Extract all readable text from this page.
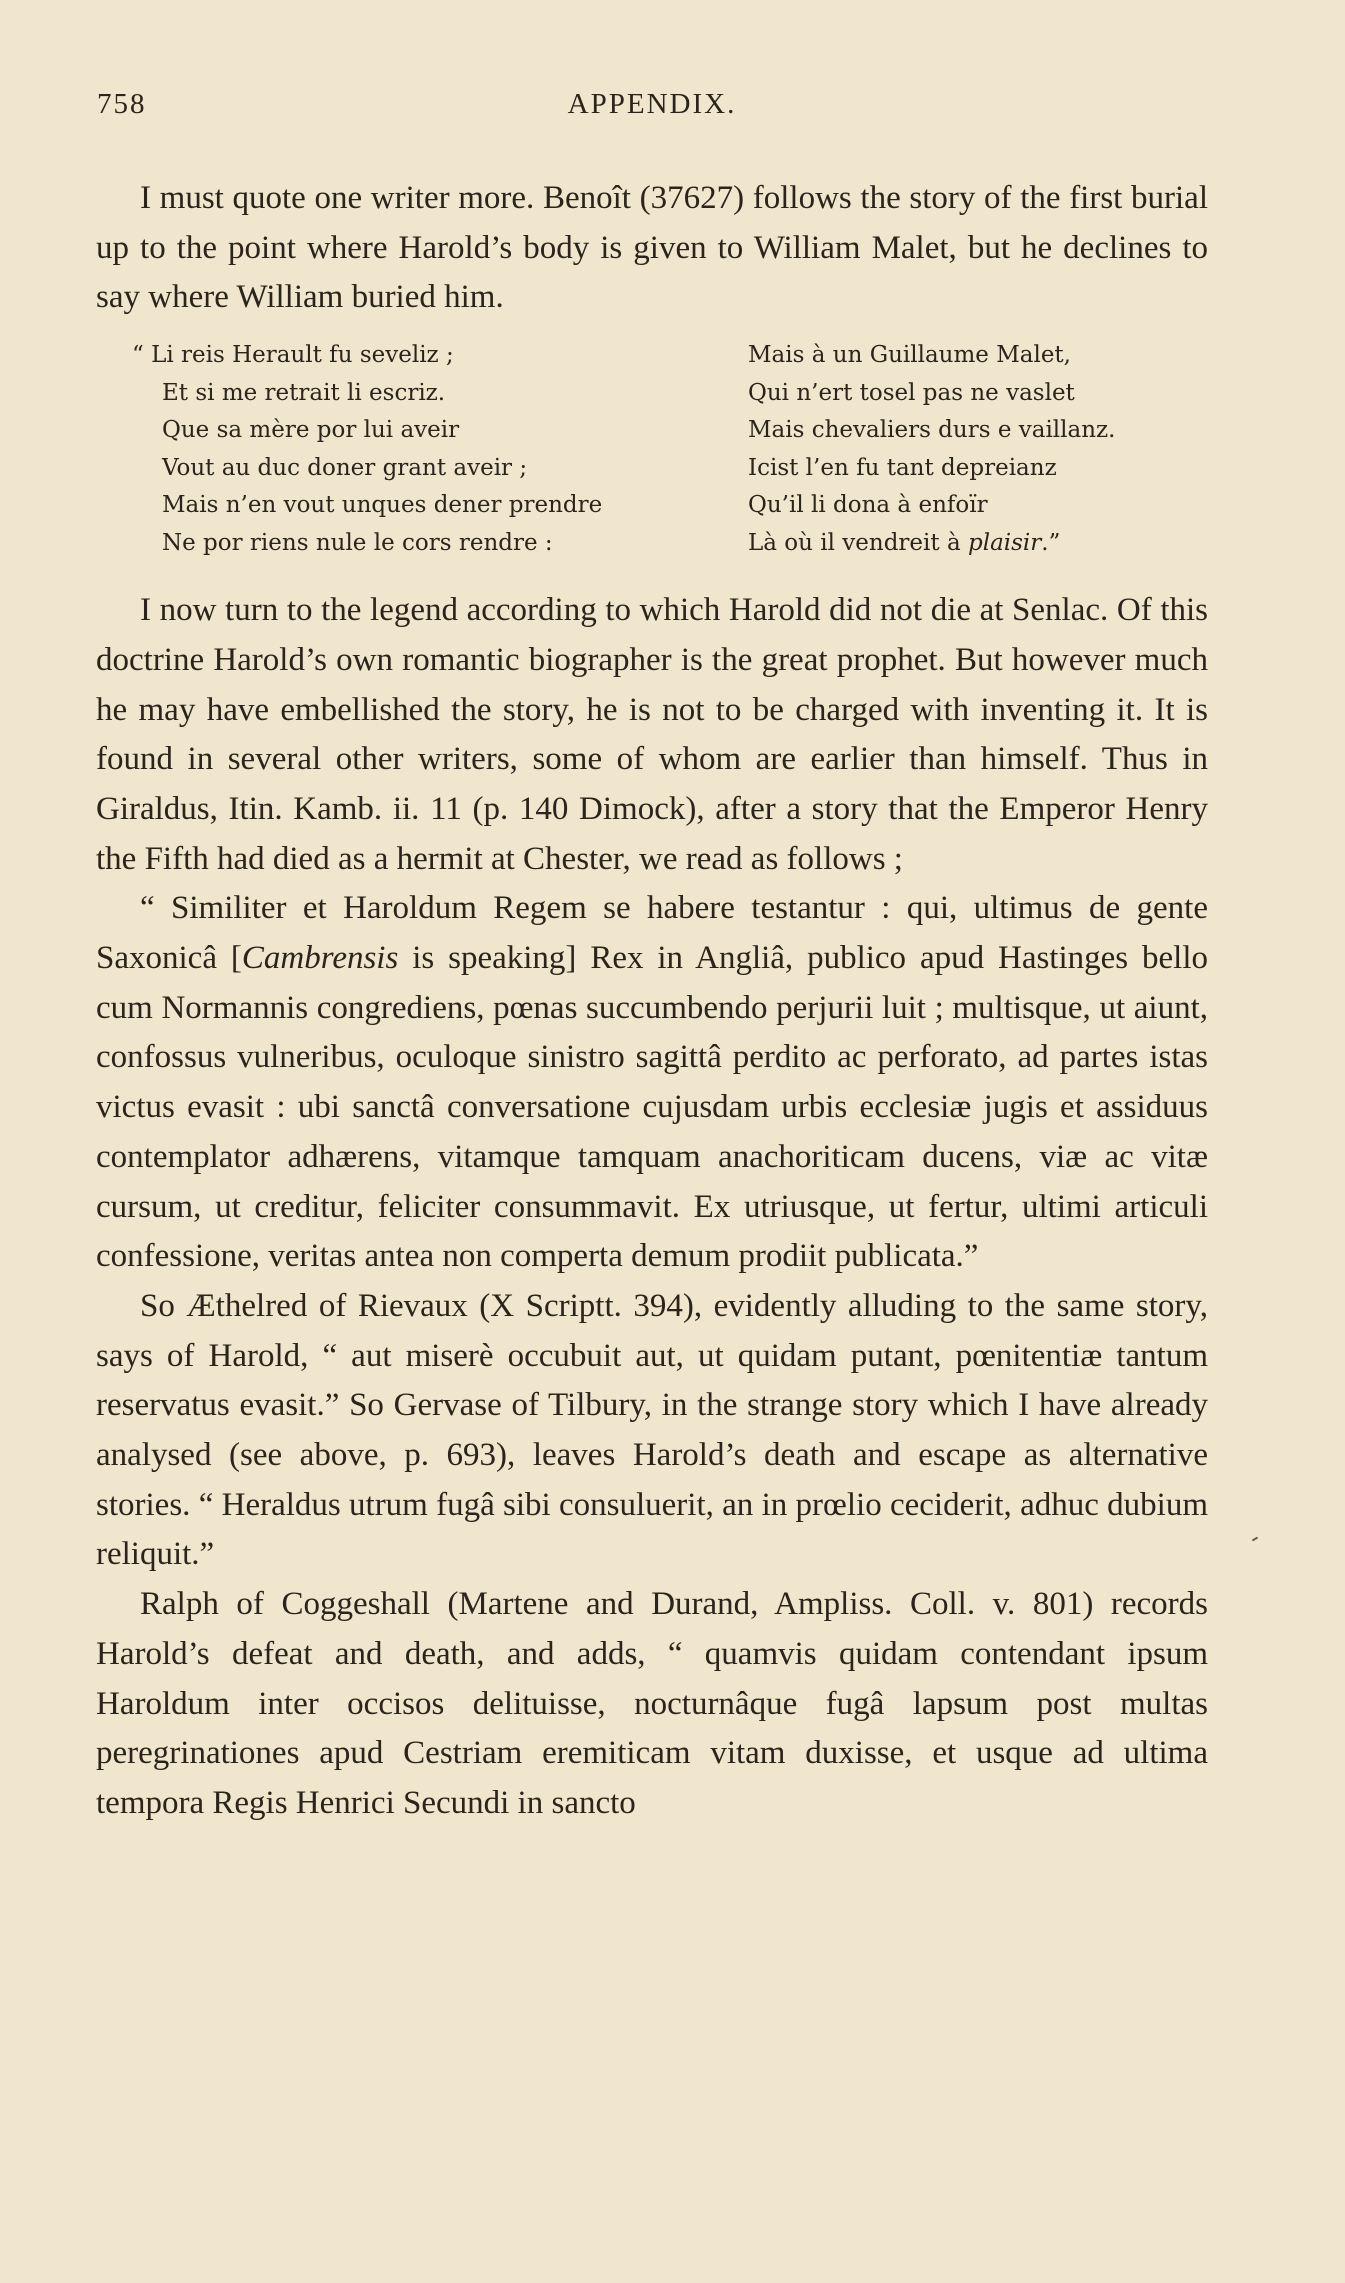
758	APPENDIX.

I must quote one writer more. Benoît (37627) follows the story of the first burial up to the point where Harold’s body is given to William Malet, but he declines to say where William buried him.

“ Li reis Herault fu seveliz ;
Et si me retrait li escriz.
Que sa mère por lui aveir
Vout au duc doner grant aveir ;
Mais n’en vout unques dener prendre
Ne por riens nule le cors rendre :
Mais à un Guillaume Malet,
Qui n’ert tosel pas ne vaslet
Mais chevaliers durs e vaillanz.
Icist l’en fu tant depreianz
Qu’il li dona à enfoïr
Là où il vendreit à plaisir.”

I now turn to the legend according to which Harold did not die at Senlac. Of this doctrine Harold’s own romantic biographer is the great prophet. But however much he may have embellished the story, he is not to be charged with inventing it. It is found in several other writers, some of whom are earlier than himself. Thus in Giraldus, Itin. Kamb. ii. 11 (p. 140 Dimock), after a story that the Emperor Henry the Fifth had died as a hermit at Chester, we read as follows ;

“ Similiter et Haroldum Regem se habere testantur : qui, ultimus de gente Saxonicâ [Cambrensis is speaking] Rex in Angliâ, publico apud Hastinges bello cum Normannis congrediens, pœnas succumbendo perjurii luit ; multisque, ut aiunt, confossus vulneribus, oculoque sinistro sagittâ perdito ac perforato, ad partes istas victus evasit : ubi sanctâ conversatione cujusdam urbis ecclesiæ jugis et assiduus contemplator adhærens, vitamque tamquam anachoriticam ducens, viæ ac vitæ cursum, ut creditur, feliciter consummavit. Ex utriusque, ut fertur, ultimi articuli confessione, veritas antea non comperta demum prodiit publicata.”

So Æthelred of Rievaux (X Scriptt. 394), evidently alluding to the same story, says of Harold, “ aut miserè occubuit aut, ut quidam putant, pœnitentiæ tantum reservatus evasit.” So Gervase of Tilbury, in the strange story which I have already analysed (see above, p. 693), leaves Harold’s death and escape as alternative stories. “ Heraldus utrum fugâ sibi consuluerit, an in prœlio ceciderit, adhuc dubium reliquit.”

Ralph of Coggeshall (Martene and Durand, Ampliss. Coll. v. 801) records Harold’s defeat and death, and adds, “ quamvis quidam contendant ipsum Haroldum inter occisos delituisse, nocturnâque fugâ lapsum post multas peregrinationes apud Cestriam eremiticam vitam duxisse, et usque ad ultima tempora Regis Henrici Secundi in sancto
